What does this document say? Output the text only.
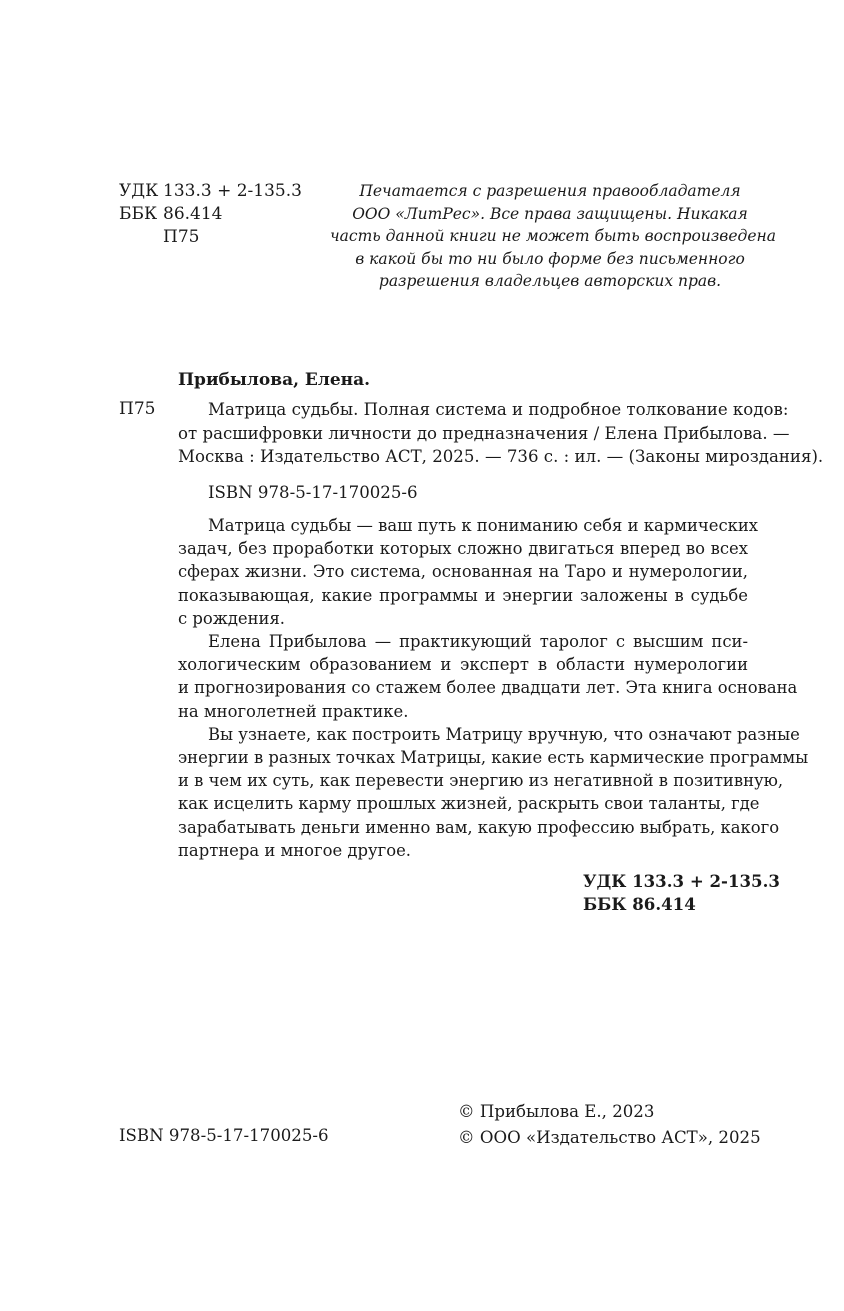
УДК 133.3 + 2-135.3
ББК 86.414
П75
Печатается с разрешения правообладателя
ООО «ЛитРес». Все права защищены. Никакая
часть данной книги не может быть воспроизведена
в какой бы то ни было форме без письменного
разрешения владельцев авторских прав.
Прибылова, Елена.
П75	Матрица судьбы. Полная система и подробное толкование кодов:
от расшифровки личности до предназначения / Елена Прибылова. —
Москва : Издательство АСТ, 2025. — 736 с. : ил. — (Законы мироздания).
ISBN 978-5-17-170025-6
Матрица судьбы — ваш путь к пониманию себя и кармических
задач, без проработки которых сложно двигаться вперед во всех
сферах жизни. Это система, основанная на Таро и нумерологии,
показывающая, какие программы и энергии заложены в судьбе
с рождения.
Елена Прибылова — практикующий таролог с высшим пси-
хологическим образованием и эксперт в области нумерологии
и прогнозирования со стажем более двадцати лет. Эта книга основана
на многолетней практике.
Вы узнаете, как построить Матрицу вручную, что означают разные
энергии в разных точках Матрицы, какие есть кармические программы
и в чем их суть, как перевести энергию из негативной в позитивную,
как исцелить карму прошлых жизней, раскрыть свои таланты, где
зарабатывать деньги именно вам, какую профессию выбрать, какого
партнера и многое другое.
УДК 133.3 + 2-135.3
ББК 86.414
ISBN 978-5-17-170025-6
© Прибылова Е., 2023
© ООО «Издательство АСТ», 2025
